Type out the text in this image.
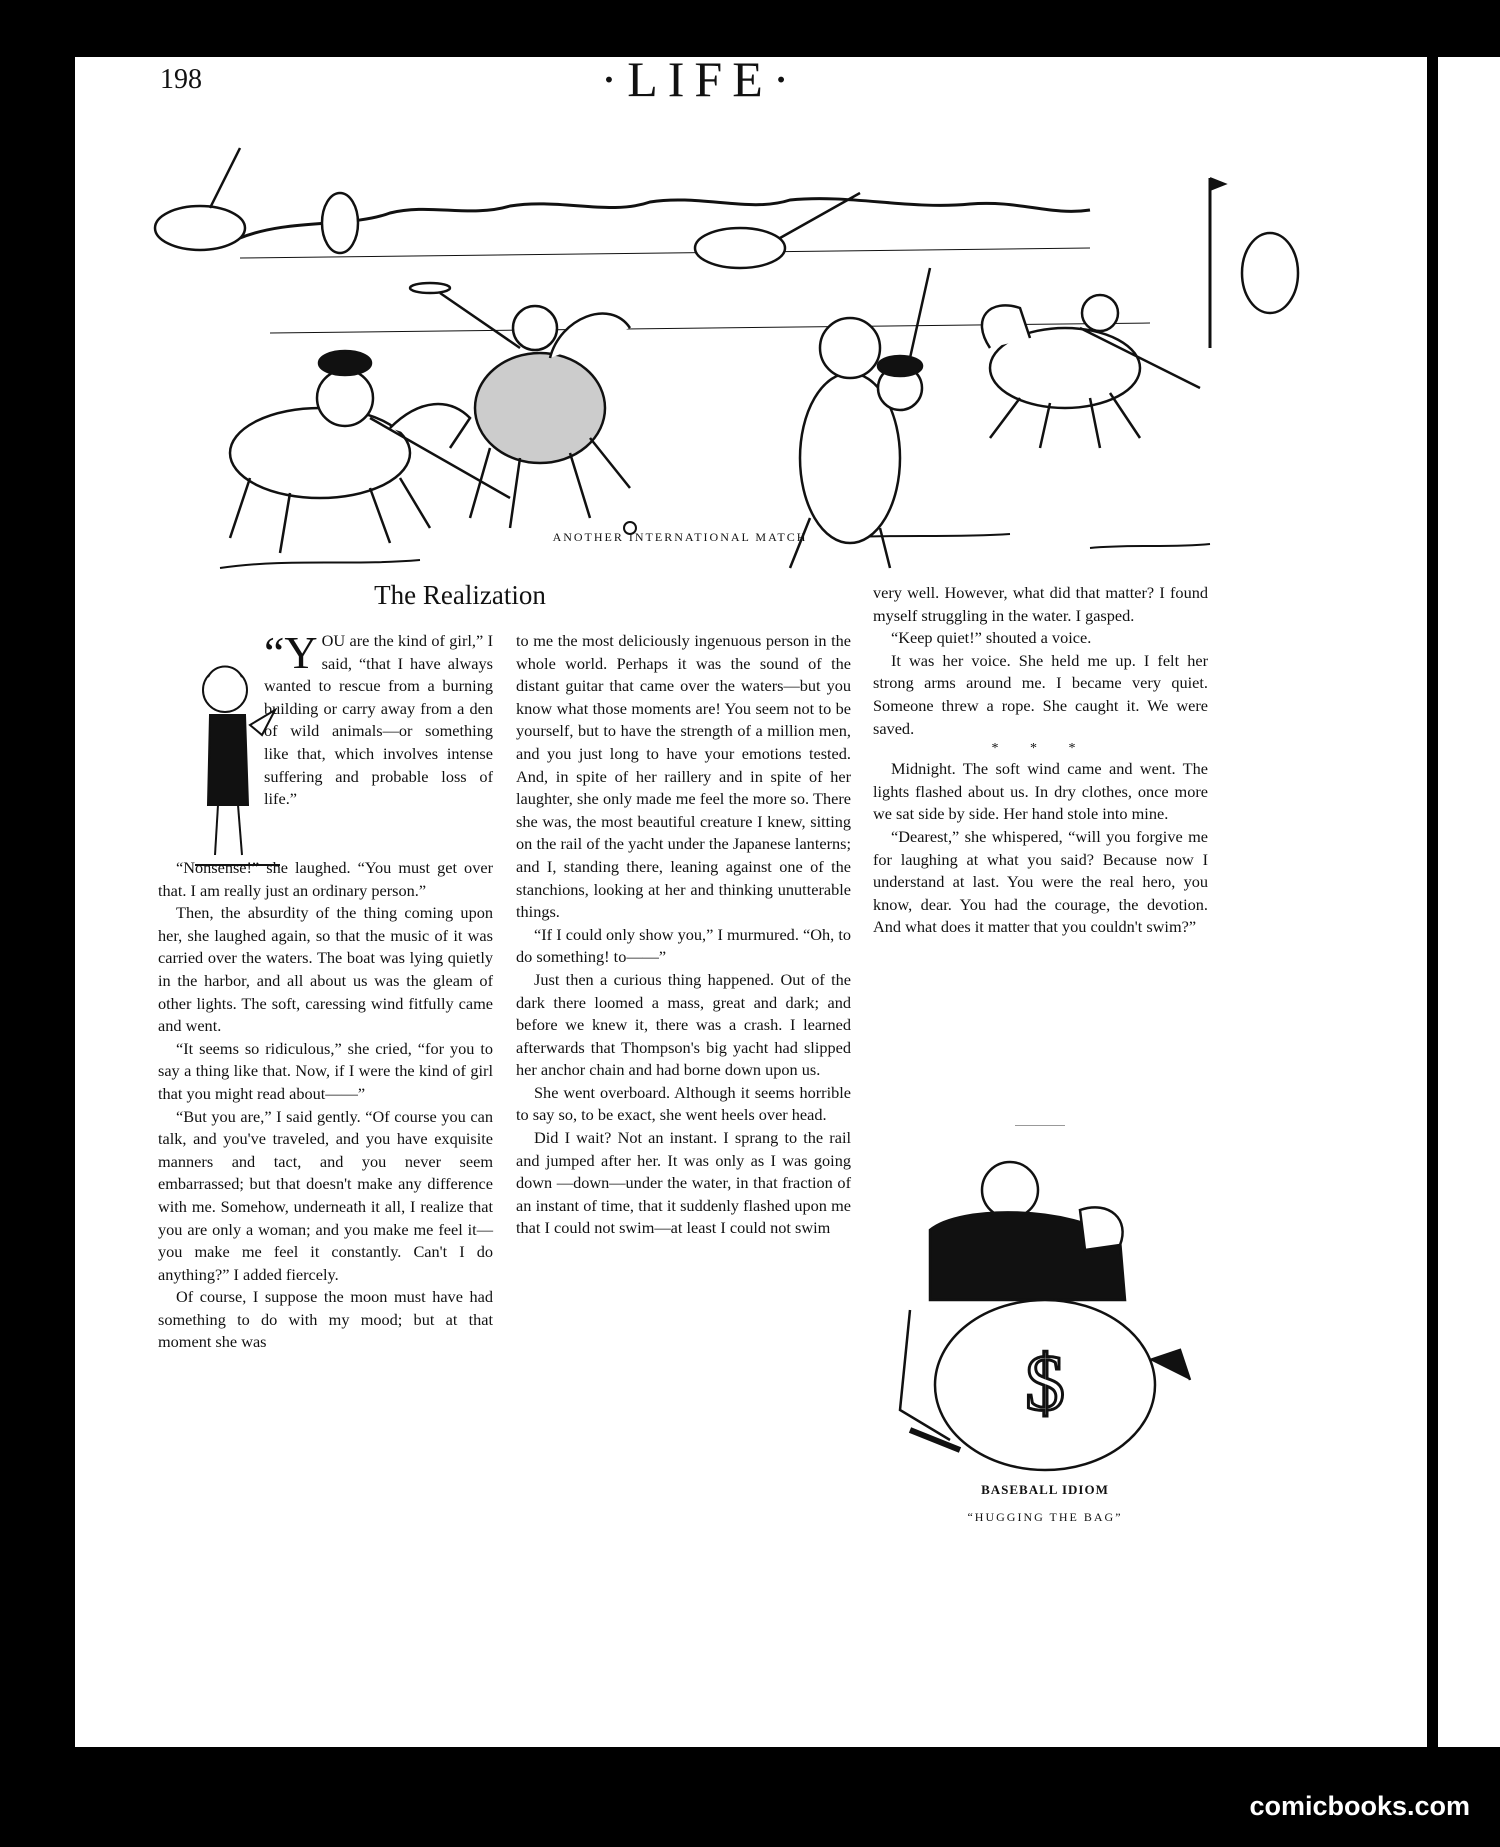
198	·LIFE·
ANOTHER INTERNATIONAL MATCH
The Realization

“YOU are the kind of girl,” I said, “that I have always wanted to rescue from a burning building or carry away from a den of wild animals—or something like that, which involves intense suffering and probable loss of life.”

“Nonsense!” she laughed. “You must get over that. I am really just an ordinary person.”

Then, the absurdity of the thing coming upon her, she laughed again, so that the music of it was carried over the waters. The boat was lying quietly in the harbor, and all about us was the gleam of other lights. The soft, caressing wind fitfully came and went.

“It seems so ridiculous,” she cried, “for you to say a thing like that. Now, if I were the kind of girl that you might read about——”

“But you are,” I said gently. “Of course you can talk, and you've traveled, and you have exquisite manners and tact, and you never seem embarrassed; but that doesn't make any difference with me. Somehow, underneath it all, I realize that you are only a woman; and you make me feel it—you make me feel it constantly. Can't I do anything?” I added fiercely.

Of course, I suppose the moon must have had something to do with my mood; but at that moment she was

to me the most deliciously ingenuous person in the whole world. Perhaps it was the sound of the distant guitar that came over the waters—but you know what those moments are! You seem not to be yourself, but to have the strength of a million men, and you just long to have your emotions tested. And, in spite of her raillery and in spite of her laughter, she only made me feel the more so. There she was, the most beautiful creature I knew, sitting on the rail of the yacht under the Japanese lanterns; and I, standing there, leaning against one of the stanchions, looking at her and thinking unutterable things.

“If I could only show you,” I murmured. “Oh, to do something! to——”

Just then a curious thing happened. Out of the dark there loomed a mass, great and dark; and before we knew it, there was a crash. I learned afterwards that Thompson's big yacht had slipped her anchor chain and had borne down upon us.

She went overboard. Although it seems horrible to say so, to be exact, she went heels over head.

Did I wait? Not an instant. I sprang to the rail and jumped after her. It was only as I was going down —down—under the water, in that fraction of an instant of time, that it suddenly flashed upon me that I could not swim—at least I could not swim

very well. However, what did that matter? I found myself struggling in the water. I gasped.

“Keep quiet!” shouted a voice.

It was her voice. She held me up. I felt her strong arms around me. I became very quiet. Someone threw a rope. She caught it. We were saved.

* * *

Midnight. The soft wind came and went. The lights flashed about us. In dry clothes, once more we sat side by side. Her hand stole into mine.

“Dearest,” she whispered, “will you forgive me for laughing at what you said? Because now I understand at last. You were the real hero, you know, dear. You had the courage, the devotion. And what does it matter that you couldn't swim?”

$
BASEBALL IDIOM
“HUGGING THE BAG”
comicbooks.com
